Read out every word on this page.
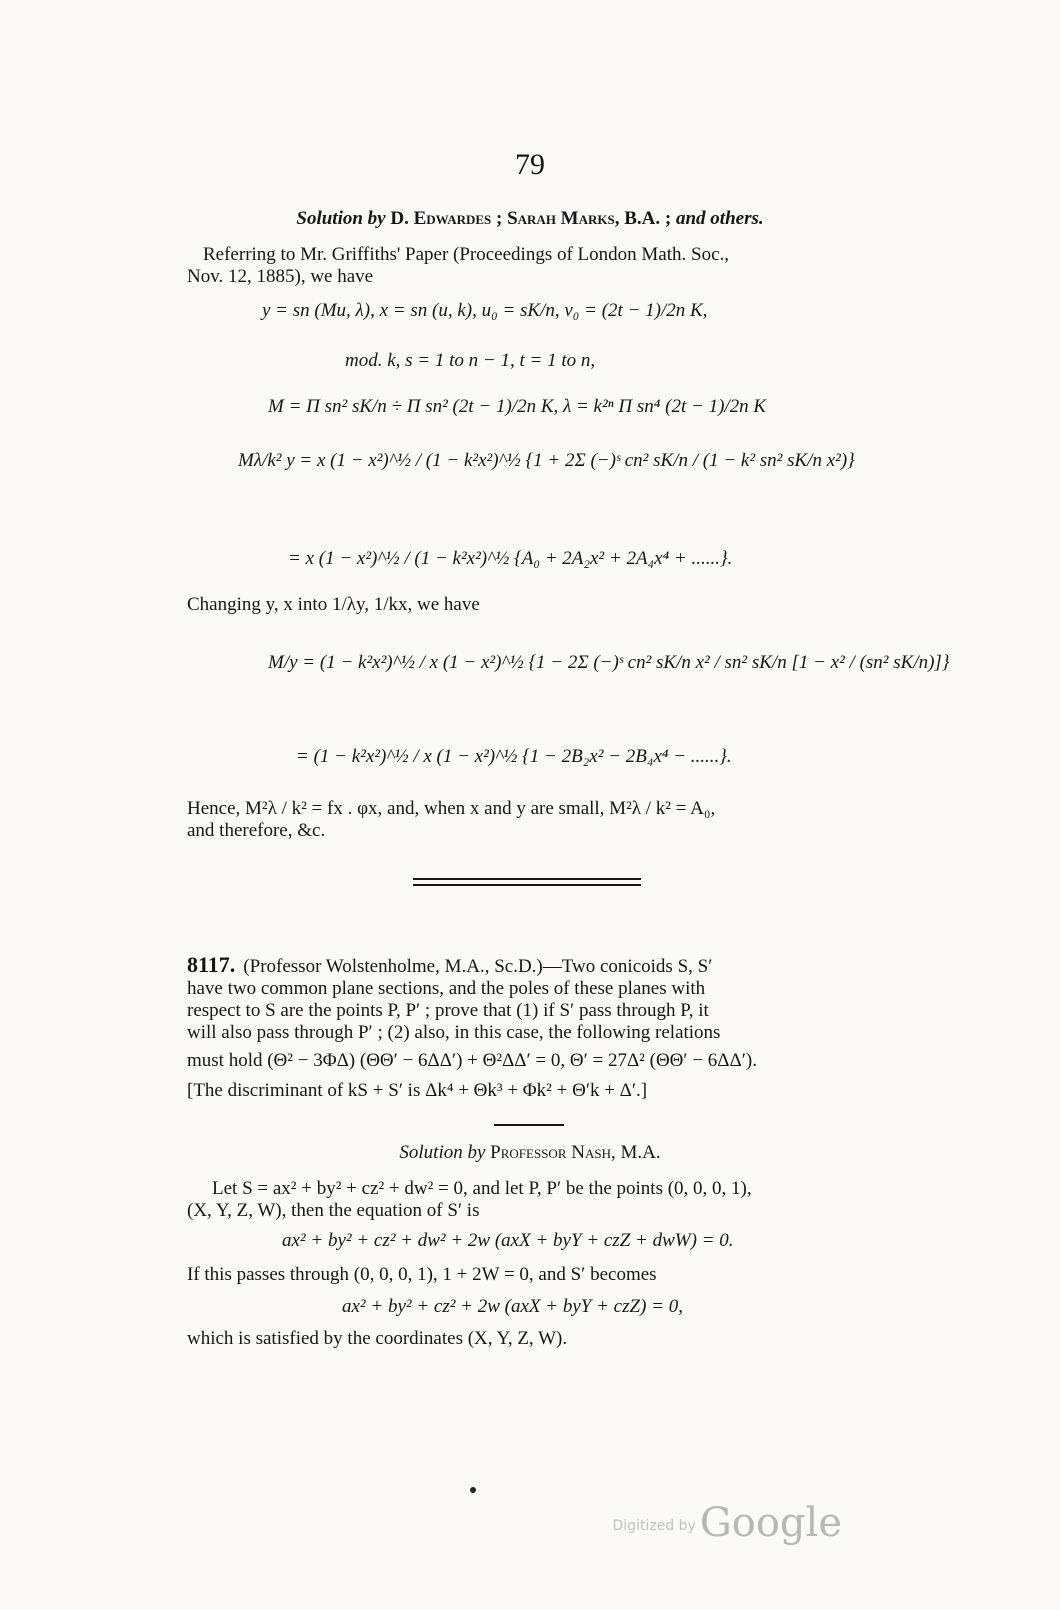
79
Solution by D. Edwardes ; Sarah Marks, B.A. ; and others.
Referring to Mr. Griffiths' Paper (Proceedings of London Math. Soc.,
Nov. 12, 1885), we have
y = sn (Mu, λ), x = sn (u, k), u₀ = sK/n, v₀ = (2t − 1)/2n K,
mod. k, s = 1 to n − 1, t = 1 to n,
M = Π sn² sK/n ÷ Π sn² (2t − 1)/2n K, λ = k²ⁿ Π sn⁴ (2t − 1)/2n K
Mλ/k² y = x (1 − x²)^½ / (1 − k²x²)^½ {1 + 2Σ (−)ˢ cn² sK/n / (1 − k² sn² sK/n x²)}
= x (1 − x²)^½ / (1 − k²x²)^½ {A₀ + 2A₂x² + 2A₄x⁴ + ......}.
Changing y, x into 1/λy, 1/kx, we have
M/y = (1 − k²x²)^½ / x (1 − x²)^½ {1 − 2Σ (−)ˢ cn² sK/n x² / sn² sK/n [1 − x² / (sn² sK/n)]}
= (1 − k²x²)^½ / x (1 − x²)^½ {1 − 2B₂x² − 2B₄x⁴ − ......}.
Hence, M²λ / k² = fx . φx, and, when x and y are small, M²λ / k² = A₀,
and therefore, &c.
8117. (Professor Wolstenholme, M.A., Sc.D.)—Two conicoids S, S′
have two common plane sections, and the poles of these planes with
respect to S are the points P, P′ ; prove that (1) if S′ pass through P, it
will also pass through P′ ; (2) also, in this case, the following relations
must hold (Θ² − 3ΦΔ) (ΘΘ′ − 6ΔΔ′) + Θ²ΔΔ′ = 0, Θ′ = 27Δ² (ΘΘ′ − 6ΔΔ′).
[The discriminant of kS + S′ is Δk⁴ + Θk³ + Φk² + Θ′k + Δ′.]
Solution by Professor Nash, M.A.
Let S = ax² + by² + cz² + dw² = 0, and let P, P′ be the points (0, 0, 0, 1),
(X, Y, Z, W), then the equation of S′ is
ax² + by² + cz² + dw² + 2w (axX + byY + czZ + dwW) = 0.
If this passes through (0, 0, 0, 1), 1 + 2W = 0, and S′ becomes
ax² + by² + cz² + 2w (axX + byY + czZ) = 0,
which is satisfied by the coordinates (X, Y, Z, W).
Digitized by Google
